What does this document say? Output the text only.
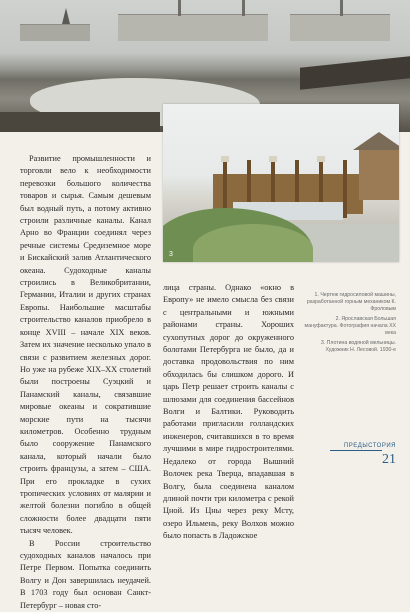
3

Развитие промышленности и торговли вело к необходимости перевозки большого количества товаров и сырья. Самым дешевым был водный путь, а потому активно строили различные каналы. Канал Арно во Франции соединял через речные системы Средиземное море и Бискайский залив Атлантического океана. Судоходные каналы строились в Великобритании, Германии, Италии и других странах Европы. Наибольшие масштабы строительство каналов приобрело в конце XVIII – начале XIX веков. Затем их значение несколько упало в связи с развитием железных дорог. Но уже на рубеже XIX–XX столетий были построены Суэцкий и Панамский каналы, связавшие мировые океаны и сократившие морские пути на тысячи километров. Особенно трудным было сооружение Панамского канала, который начали было строить французы, а затем – США. При его прокладке в сухих тропических условиях от малярии и желтой болезни погибло в общей сложности более двадцати пяти тысяч человек.

В России строительство судоходных каналов началось при Петре Первом. Попытка соединить Волгу и Дон завершилась неудачей. В 1703 году был основан Санкт-Петербург – новая сто-

лица страны. Однако «окно в Европу» не имело смысла без связи с центральными и южными районами страны. Хороших сухопутных дорог до окруженного болотами Петербурга не было, да и доставка продовольствия по ним обходилась бы слишком дорого. И царь Петр решает строить каналы с шлюзами для соединения бассейнов Волги и Балтики. Руководить работами пригласили голландских инженеров, считавшихся в то время лучшими в мире гидростроителями. Недалеко от города Вышний Волочек река Тверца, впадавшая в Волгу, была соединена каналом длиной почти три километра с рекой Цной. Из Цны через реку Мсту, озеро Ильмень, реку Волхов можно было попасть в Ладожское

1. Чертеж гидросиловой машины, разработанной горным механиком К. Фроловым
2. Ярославская Большая мануфактура. Фотография начала XX века
3. Плотина водяной мельницы. Художник Н. Лесовой. 1930-е
ПРЕДЫСТОРИЯ
21
